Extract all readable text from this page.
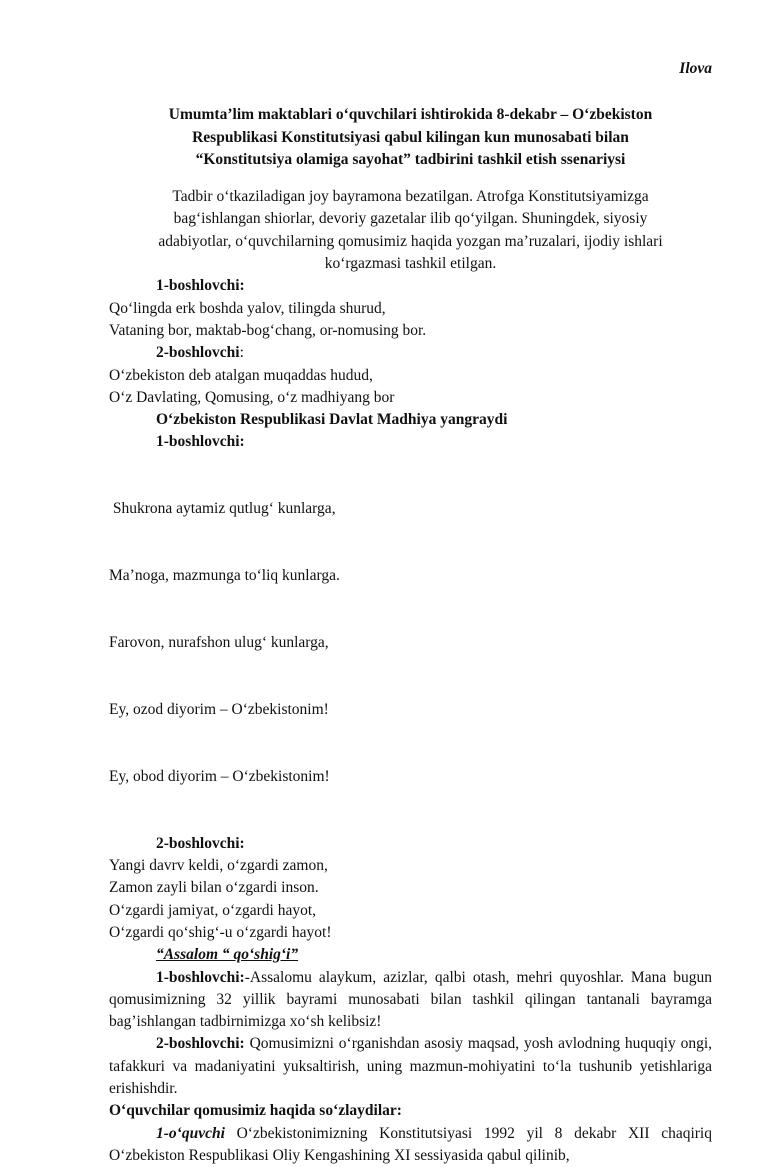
Ilova

Umumta’lim maktablari o‘quvchilari ishtirokida 8-dekabr – O‘zbekiston
Respublikasi Konstitutsiyasi qabul kilingan kun munosabati bilan
“Konstitutsiya olamiga sayohat” tadbirini tashkil etish ssenariysi
Tadbir o‘tkaziladigan joy bayramona bezatilgan. Atrofga Konstitutsiyamizga
bag‘ishlangan shiorlar, devoriy gazetalar ilib qo‘yilgan. Shuningdek, siyosiy
adabiyotlar, o‘quvchilarning qomusimiz haqida yozgan ma’ruzalari, ijodiy ishlari
ko‘rgazmasi tashkil etilgan.

1-boshlovchi:

Qo‘lingda erk boshda yalov, tilingda shurud,
Vataning bor, maktab-bog‘chang, or-nomusing bor.

2-boshlovchi:

O‘zbekiston deb atalgan muqaddas hudud,
O‘z Davlating, Qomusing, o‘z madhiyang bor

O‘zbekiston Respublikasi Davlat Madhiya yangraydi

1-boshlovchi:

Shukrona aytamiz qutlug‘ kunlarga,

Ma’noga, mazmunga to‘liq kunlarga.

Farovon, nurafshon ulug‘ kunlarga,

Ey, ozod diyorim – O‘zbekistonim!

Ey, obod diyorim – O‘zbekistonim!

2-boshlovchi:

Yangi davrv keldi, o‘zgardi zamon,
Zamon zayli bilan o‘zgardi inson.
O‘zgardi jamiyat, o‘zgardi hayot,
O‘zgardi qo‘shig‘-u o‘zgardi hayot!

“Assalom “ qo‘shig‘i”

1-boshlovchi:-Assalomu alaykum, azizlar, qalbi otash, mehri quyoshlar. Mana bugun qomusimizning 32 yillik bayrami munosabati bilan tashkil qilingan tantanali bayramga bag’ishlangan tadbirnimizga xo‘sh kelibsiz!

2-boshlovchi: Qomusimizni o‘rganishdan asosiy maqsad, yosh avlodning huquqiy ongi, tafakkuri va madaniyatini yuksaltirish, uning mazmun-mohiyatini to‘la tushunib yetishlariga erishishdir.

O‘quvchilar qomusimiz haqida so‘zlaydilar:

1-o‘quvchi O‘zbekistonimizning Konstitutsiyasi 1992 yil 8 dekabr XII chaqiriq O‘zbekiston Respublikasi Oliy Kengashining XI sessiyasida qabul qilinib,
